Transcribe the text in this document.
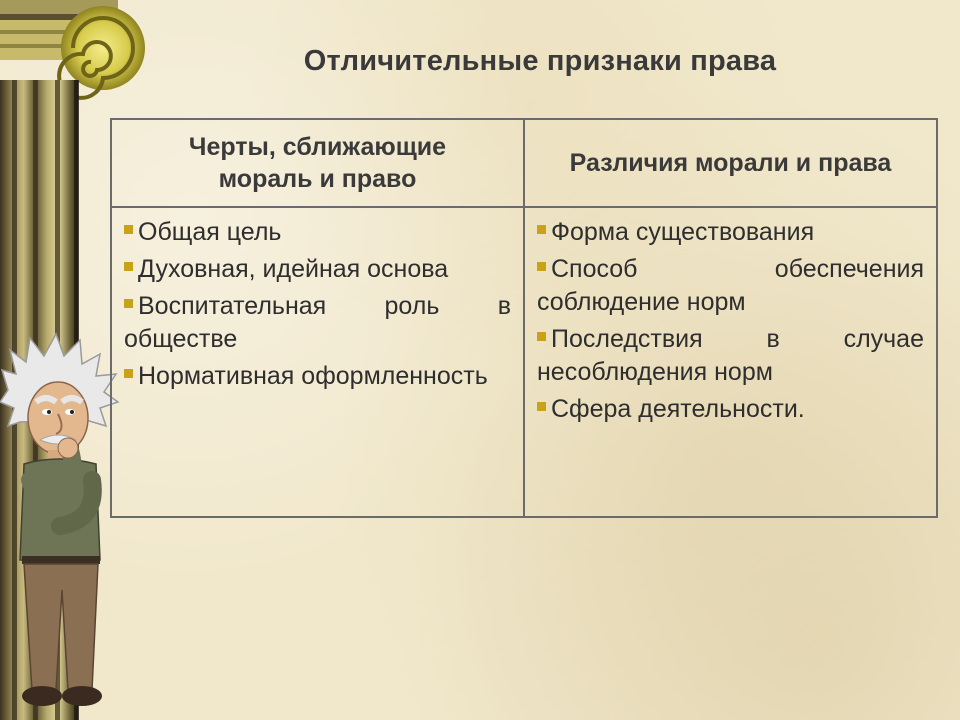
Отличительные признаки права
Черты, сближающие мораль и право
Различия морали и права
Общая цель
Духовная, идейная основа
Воспитательная роль в обществе
Нормативная оформленность
Форма существования
Способ обеспечения соблюдение норм
Последствия в случае несоблюдения норм
Сфера деятельности.
